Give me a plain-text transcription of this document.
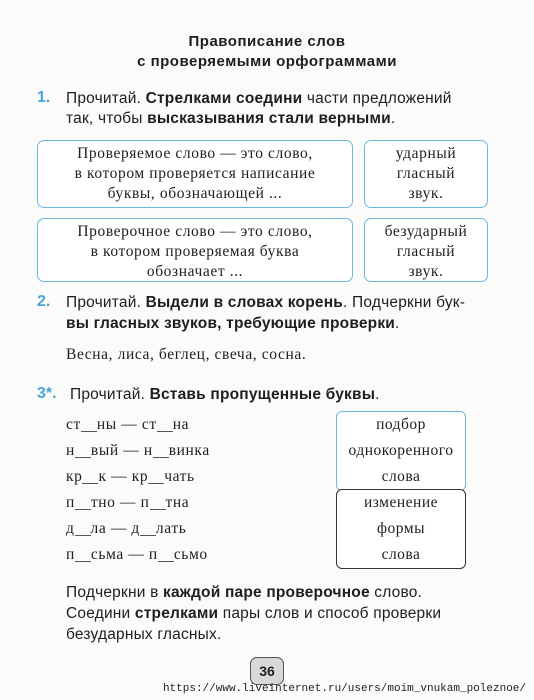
Правописание слов
с проверяемыми орфограммами
1. Прочитай. Стрелками соедини части предложений
так, чтобы высказывания стали верными.
Проверяемое слово — это слово,
в котором проверяется написание
буквы, обозначающей ...
ударный
гласный
звук.
Проверочное слово — это слово,
в котором проверяемая буква
обозначает ...
безударный
гласный
звук.
2. Прочитай. Выдели в словах корень. Подчеркни бук-
вы гласных звуков, требующие проверки.
Весна, лиса, беглец, свеча, сосна.
3*. Прочитай. Вставь пропущенные буквы.
ст ны — ст на
н вый — н винка
кр к — кр чать
п тно — п тна
д ла — д лать
п сьма — п сьмо
подбор
однокоренного
слова
изменение
формы
слова
Подчеркни в каждой паре проверочное слово.
Соедини стрелками пары слов и способ проверки
безударных гласных.
36
https://www.liveinternet.ru/users/moim_vnukam_poleznoe/
